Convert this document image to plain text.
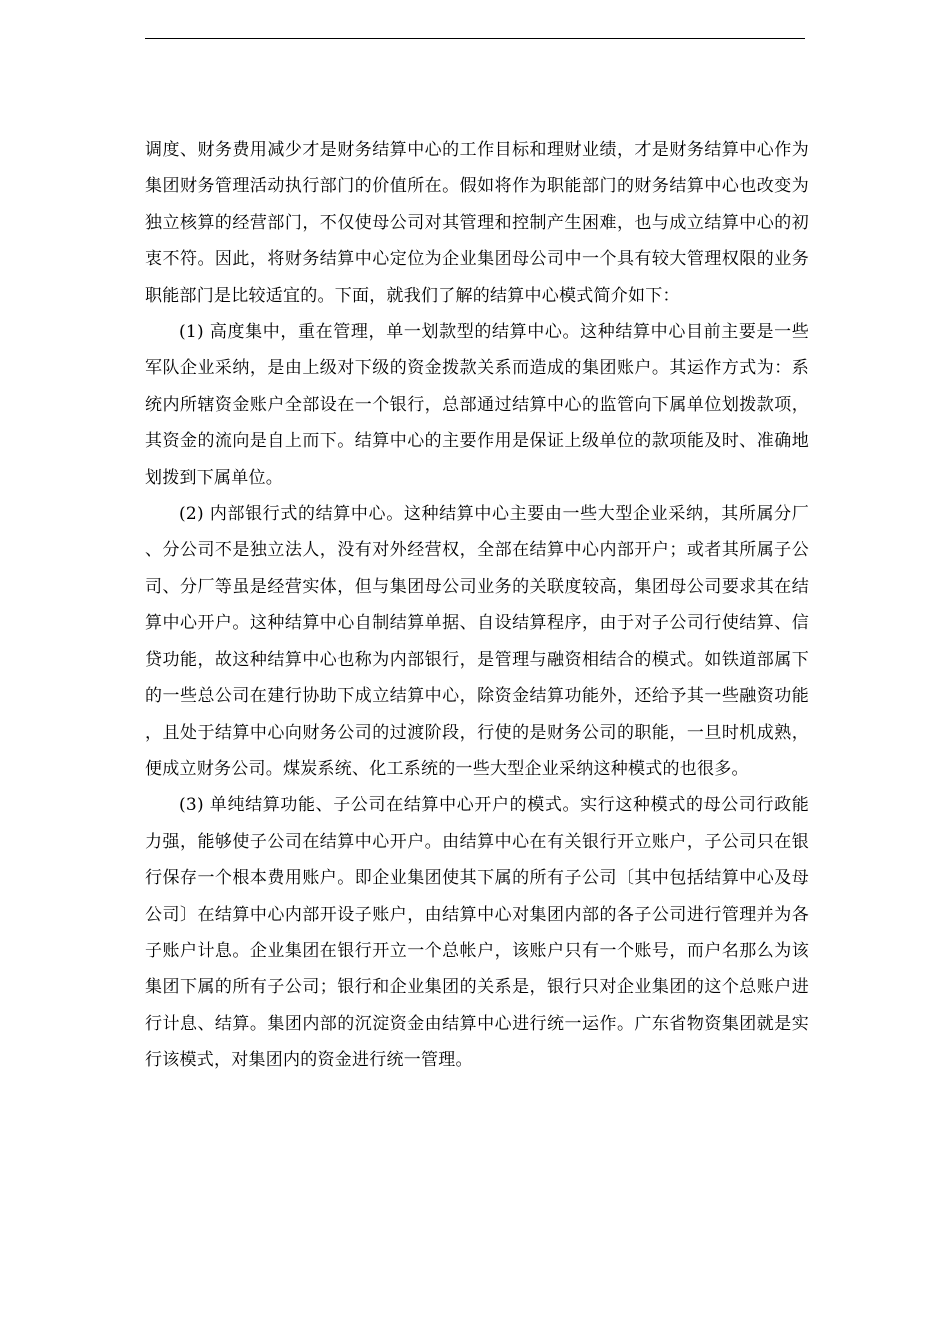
调度、财务费用减少才是财务结算中心的工作目标和理财业绩，才是财务结算中心作为集团财务管理活动执行部门的价值所在。假如将作为职能部门的财务结算中心也改变为独立核算的经营部门，不仅使母公司对其管理和控制产生困难，也与成立结算中心的初衷不符。因此，将财务结算中心定位为企业集团母公司中一个具有较大管理权限的业务职能部门是比较适宜的。下面，就我们了解的结算中心模式简介如下：

(1) 高度集中，重在管理，单一划款型的结算中心。这种结算中心目前主要是一些军队企业采纳，是由上级对下级的资金拨款关系而造成的集团账户。其运作方式为：系统内所辖资金账户全部设在一个银行，总部通过结算中心的监管向下属单位划拨款项，其资金的流向是自上而下。结算中心的主要作用是保证上级单位的款项能及时、准确地划拨到下属单位。

(2) 内部银行式的结算中心。这种结算中心主要由一些大型企业采纳，其所属分厂、分公司不是独立法人，没有对外经营权，全部在结算中心内部开户；或者其所属子公司、分厂等虽是经营实体，但与集团母公司业务的关联度较高，集团母公司要求其在结算中心开户。这种结算中心自制结算单据、自设结算程序，由于对子公司行使结算、信贷功能，故这种结算中心也称为内部银行，是管理与融资相结合的模式。如铁道部属下的一些总公司在建行协助下成立结算中心，除资金结算功能外，还给予其一些融资功能，且处于结算中心向财务公司的过渡阶段，行使的是财务公司的职能，一旦时机成熟，便成立财务公司。煤炭系统、化工系统的一些大型企业采纳这种模式的也很多。

(3) 单纯结算功能、子公司在结算中心开户的模式。实行这种模式的母公司行政能力强，能够使子公司在结算中心开户。由结算中心在有关银行开立账户，子公司只在银行保存一个根本费用账户。即企业集团使其下属的所有子公司〔其中包括结算中心及母公司〕在结算中心内部开设子账户，由结算中心对集团内部的各子公司进行管理并为各子账户计息。企业集团在银行开立一个总帐户，该账户只有一个账号，而户名那么为该集团下属的所有子公司；银行和企业集团的关系是，银行只对企业集团的这个总账户进行计息、结算。集团内部的沉淀资金由结算中心进行统一运作。广东省物资集团就是实行该模式，对集团内的资金进行统一管理。
